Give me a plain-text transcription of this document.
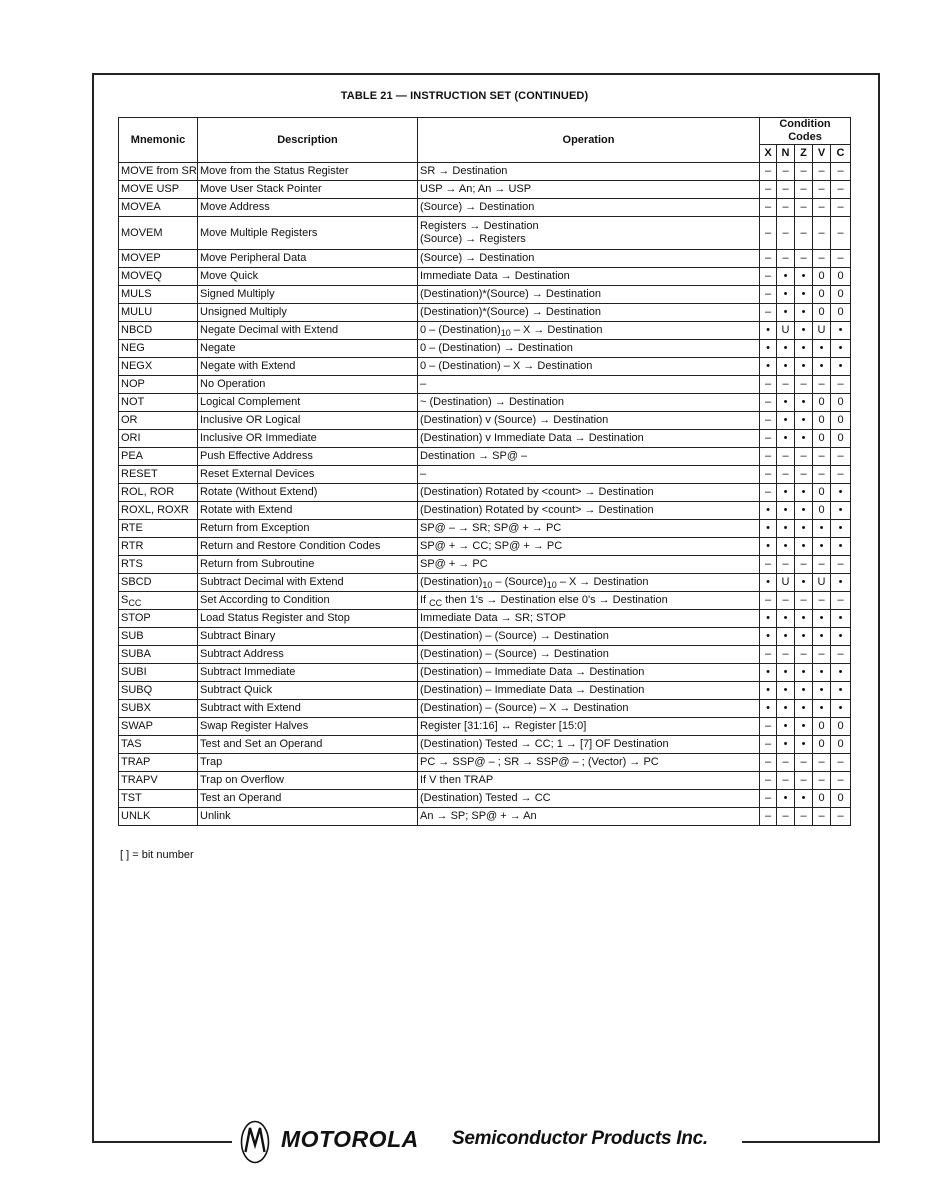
TABLE 21 — INSTRUCTION SET (CONTINUED)
Mnemonic	Description	Operation	Condition
Codes				

			X	N	Z	V	C
MOVE from SR	Move from the Status Register	SR → Destination	–	–	–	–	–
MOVE USP	Move User Stack Pointer	USP → An; An → USP	–	–	–	–	–
MOVEA	Move Address	(Source) → Destination	–	–	–	–	–
MOVEM	Move Multiple Registers	Registers → Destination
(Source) → Registers	–	–	–	–	–
MOVEP	Move Peripheral Data	(Source) → Destination	–	–	–	–	–
MOVEQ	Move Quick	Immediate Data → Destination	–	•	•	0	0
MULS	Signed Multiply	(Destination)*(Source) → Destination	–	•	•	0	0
MULU	Unsigned Multiply	(Destination)*(Source) → Destination	–	•	•	0	0
NBCD	Negate Decimal with Extend	$0 - (Destination)_{10}$ – X → Destination	•	U	•	U	•
NEG	Negate	0 – (Destination) → Destination	•	•	•	•	•
NEGX	Negate with Extend	0 – (Destination) – X → Destination	•	•	•	•	•
NOP	No Operation	–	–	–	–	–	–
NOT	Logical Complement	~ (Destination) → Destination	–	•	•	0	0
OR	Inclusive OR Logical	(Destination) v (Source) → Destination	–	•	•	0	0
ORI	Inclusive OR Immediate	(Destination) v Immediate Data → Destination	–	•	•	0	0
PEA	Push Effective Address	Destination → SP@ –	–	–	–	–	–
RESET	Reset External Devices	–	–	–	–	–	–
ROL, ROR	Rotate (Without Extend)	(Destination) Rotated by <count> → Destination	–	•	•	0	•
ROXL, ROXR	Rotate with Extend	(Destination) Rotated by <count> → Destination	•	•	•	0	•
RTE	Return from Exception	SP@ – → SR; SP@ + → PC	•	•	•	•	•
RTR	Return and Restore Condition Codes	SP@ + → CC; SP@ + → PC	•	•	•	•	•
RTS	Return from Subroutine	SP@ + → PC	–	–	–	–	–
SBCD	Subtract Decimal with Extend	$(Destination)_{10}$ – $(Source)_{10}$ – X → Destination	•	U	•	U	•
$S_{CC}$	Set According to Condition	If $_{CC}$ then 1's → Destination else 0's → Destination	–	–	–	–	–
STOP	Load Status Register and Stop	Immediate Data → SR; STOP	•	•	•	•	•
SUB	Subtract Binary	(Destination) – (Source) → Destination	•	•	•	•	•
SUBA	Subtract Address	(Destination) – (Source) → Destination	–	–	–	–	–
SUBI	Subtract Immediate	(Destination) – Immediate Data → Destination	•	•	•	•	•
SUBQ	Subtract Quick	(Destination) – Immediate Data → Destination	•	•	•	•	•
SUBX	Subtract with Extend	(Destination) – (Source) – X → Destination	•	•	•	•	•
SWAP	Swap Register Halves	Register [31:16] ↔ Register [15:0]	–	•	•	0	0
TAS	Test and Set an Operand	(Destination) Tested → CC; 1 → [7] OF Destination	–	•	•	0	0
TRAP	Trap	PC → SSP@ – ; SR → SSP@ – ; (Vector) → PC	–	–	–	–	–
TRAPV	Trap on Overflow	If V then TRAP	–	–	–	–	–
TST	Test an Operand	(Destination) Tested → CC	–	•	•	0	0
UNLK	Unlink	An → SP; SP@ + → An	–	–	–	–	–
[ ] = bit number
MOTOROLA Semiconductor Products Inc.
